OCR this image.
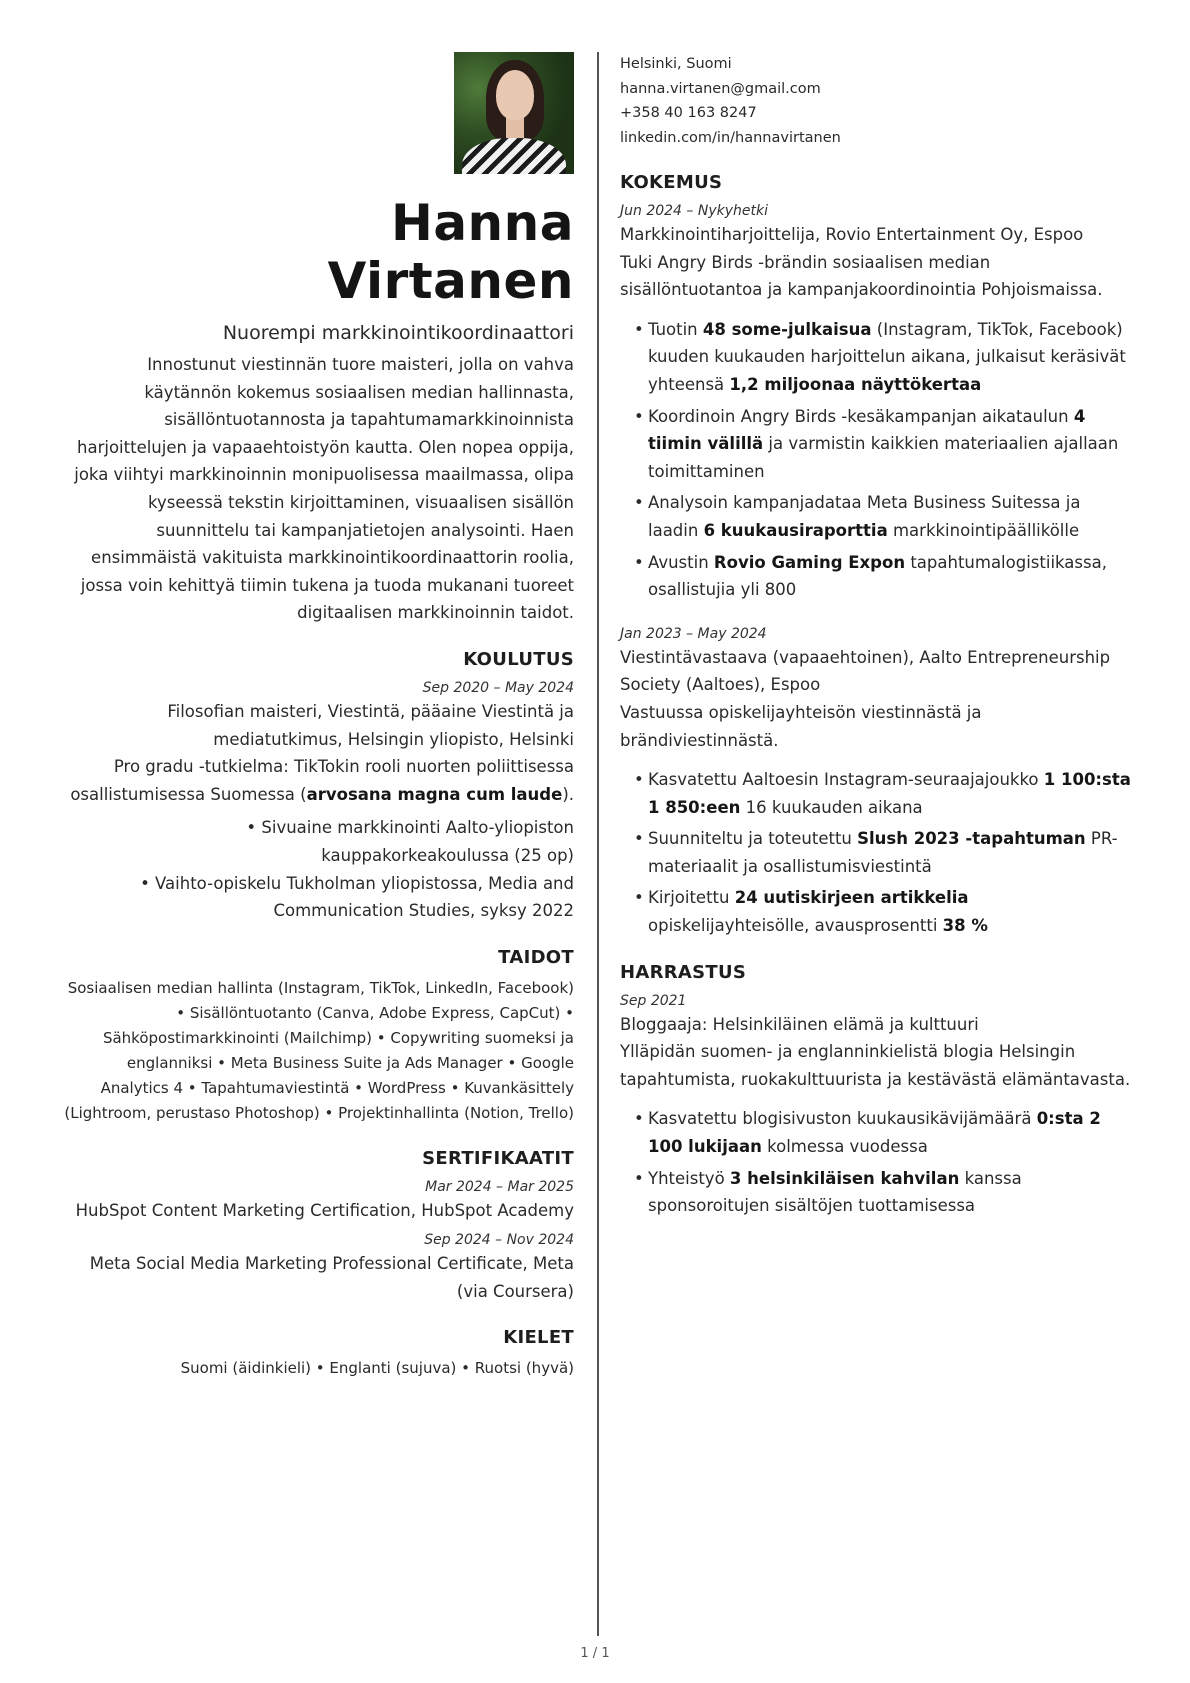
Hanna
Virtanen
Nuorempi markkinointikoordinaattori

Innostunut viestinnän tuore maisteri, jolla on vahva käytännön kokemus sosiaalisen median hallinnasta, sisällöntuotannosta ja tapahtumamarkkinoinnista harjoittelujen ja vapaaehtoistyön kautta. Olen nopea oppija, joka viihtyi markkinoinnin monipuolisessa maailmassa, olipa kyseessä tekstin kirjoittaminen, visuaalisen sisällön suunnittelu tai kampanjatietojen analysointi. Haen ensimmäistä vakituista markkinointikoordinaattorin roolia, jossa voin kehittyä tiimin tukena ja tuoda mukanani tuoreet digitaalisen markkinoinnin taidot.

KOULUTUS
Sep 2020 – May 2024
Filosofian maisteri, Viestintä, pääaine Viestintä ja mediatutkimus, Helsingin yliopisto, Helsinki
Pro gradu -tutkielma: TikTokin rooli nuorten poliittisessa osallistumisessa Suomessa (arvosana magna cum laude).
• Sivuaine markkinointi Aalto-yliopiston kauppakorkeakoulussa (25 op)
• Vaihto-opiskelu Tukholman yliopistossa, Media and Communication Studies, syksy 2022
TAIDOT
Sosiaalisen median hallinta (Instagram, TikTok, LinkedIn, Facebook) • Sisällöntuotanto (Canva, Adobe Express, CapCut) • Sähköpostimarkkinointi (Mailchimp) • Copywriting suomeksi ja englanniksi • Meta Business Suite ja Ads Manager • Google Analytics 4 • Tapahtumaviestintä • WordPress • Kuvankäsittely (Lightroom, perustaso Photoshop) • Projektinhallinta (Notion, Trello)
SERTIFIKAATIT
Mar 2024 – Mar 2025
HubSpot Content Marketing Certification, HubSpot Academy
Sep 2024 – Nov 2024
Meta Social Media Marketing Professional Certificate, Meta (via Coursera)
KIELET
Suomi (äidinkieli) • Englanti (sujuva) • Ruotsi (hyvä)
Helsinki, Suomi
hanna.virtanen@gmail.com
+358 40 163 8247
linkedin.com/in/hannavirtanen
KOKEMUS
Jun 2024 – Nykyhetki
Markkinointiharjoittelija, Rovio Entertainment Oy, Espoo
Tuki Angry Birds -brändin sosiaalisen median sisällöntuotantoa ja kampanjakoordinointia Pohjoismaissa.
• Tuotin 48 some-julkaisua (Instagram, TikTok, Facebook) kuuden kuukauden harjoittelun aikana, julkaisut keräsivät yhteensä 1,2 miljoonaa näyttökertaa
• Koordinoin Angry Birds -kesäkampanjan aikataulun 4 tiimin välillä ja varmistin kaikkien materiaalien ajallaan toimittaminen
• Analysoin kampanjadataa Meta Business Suitessa ja laadin 6 kuukausiraporttia markkinointipäällikölle
• Avustin Rovio Gaming Expon tapahtumalogistiikassa, osallistujia yli 800
Jan 2023 – May 2024
Viestintävastaava (vapaaehtoinen), Aalto Entrepreneurship Society (Aaltoes), Espoo
Vastuussa opiskelijayhteisön viestinnästä ja brändiviestinnästä.
• Kasvatettu Aaltoesin Instagram-seuraajajoukko 1 100:sta 1 850:een 16 kuukauden aikana
• Suunniteltu ja toteutettu Slush 2023 -tapahtuman PR-materiaalit ja osallistumisviestintä
• Kirjoitettu 24 uutiskirjeen artikkelia opiskelijayhteisölle, avausprosentti 38 %
HARRASTUS
Sep 2021
Bloggaaja: Helsinkiläinen elämä ja kulttuuri
Ylläpidän suomen- ja englanninkielistä blogia Helsingin tapahtumista, ruokakulttuurista ja kestävästä elämäntavasta.
• Kasvatettu blogisivuston kuukausikävijämäärä 0:sta 2 100 lukijaan kolmessa vuodessa
• Yhteistyö 3 helsinkiläisen kahvilan kanssa sponsoroitujen sisältöjen tuottamisessa
1 / 1
